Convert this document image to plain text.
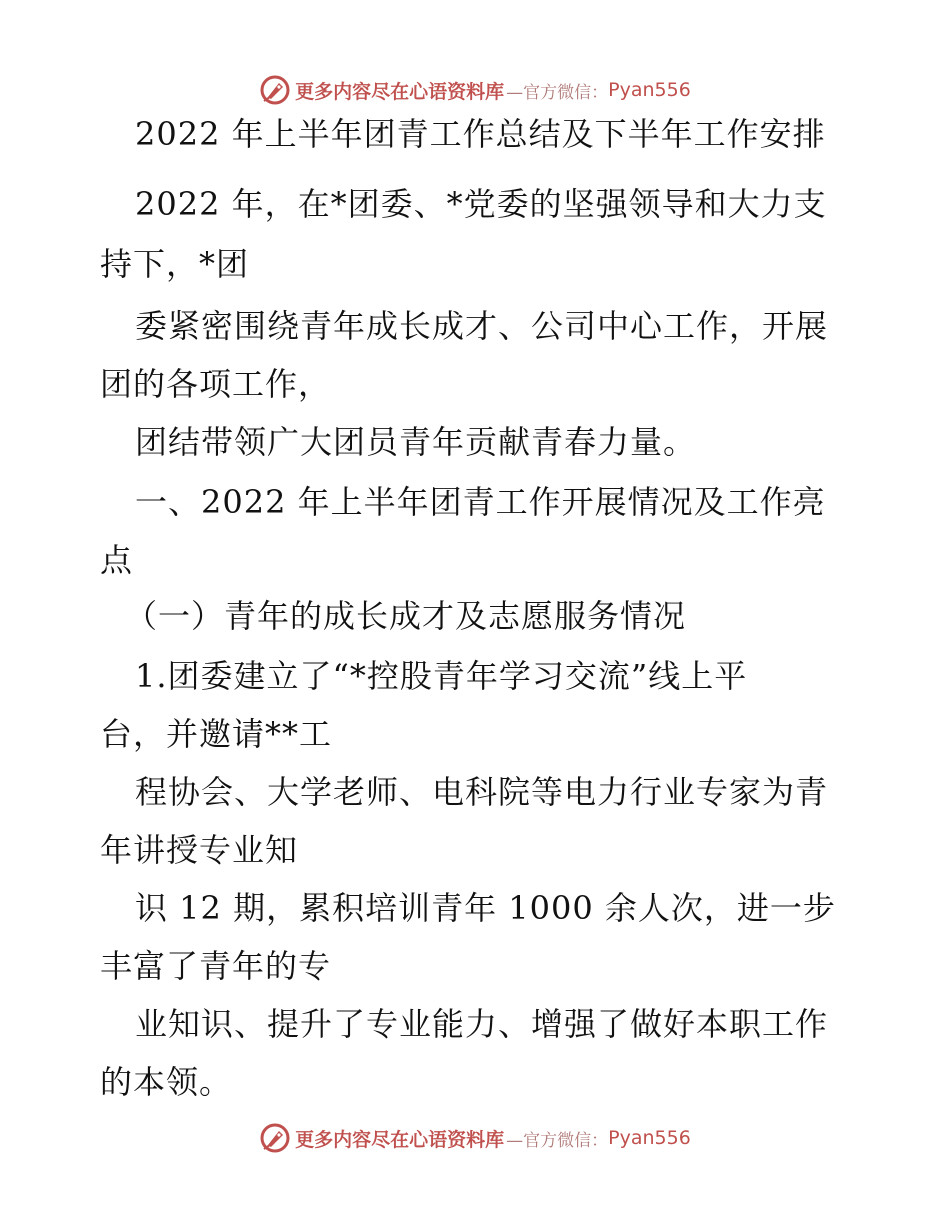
更多内容尽在心语资料库 —官方微信： Pyan556
2022 年上半年团青工作总结及下半年工作安排
2022 年，在*团委、*党委的坚强领导和大力支
持下，*团
委紧密围绕青年成长成才、公司中心工作，开展
团的各项工作，
团结带领广大团员青年贡献青春力量。
一、2022 年上半年团青工作开展情况及工作亮
点
（一）青年的成长成才及志愿服务情况
1.团委建立了“*控股青年学习交流”线上平
台，并邀请**工
程协会、大学老师、电科院等电力行业专家为青
年讲授专业知
识 12 期，累积培训青年 1000 余人次，进一步
丰富了青年的专
业知识、提升了专业能力、增强了做好本职工作
的本领。
更多内容尽在心语资料库 —官方微信： Pyan556
